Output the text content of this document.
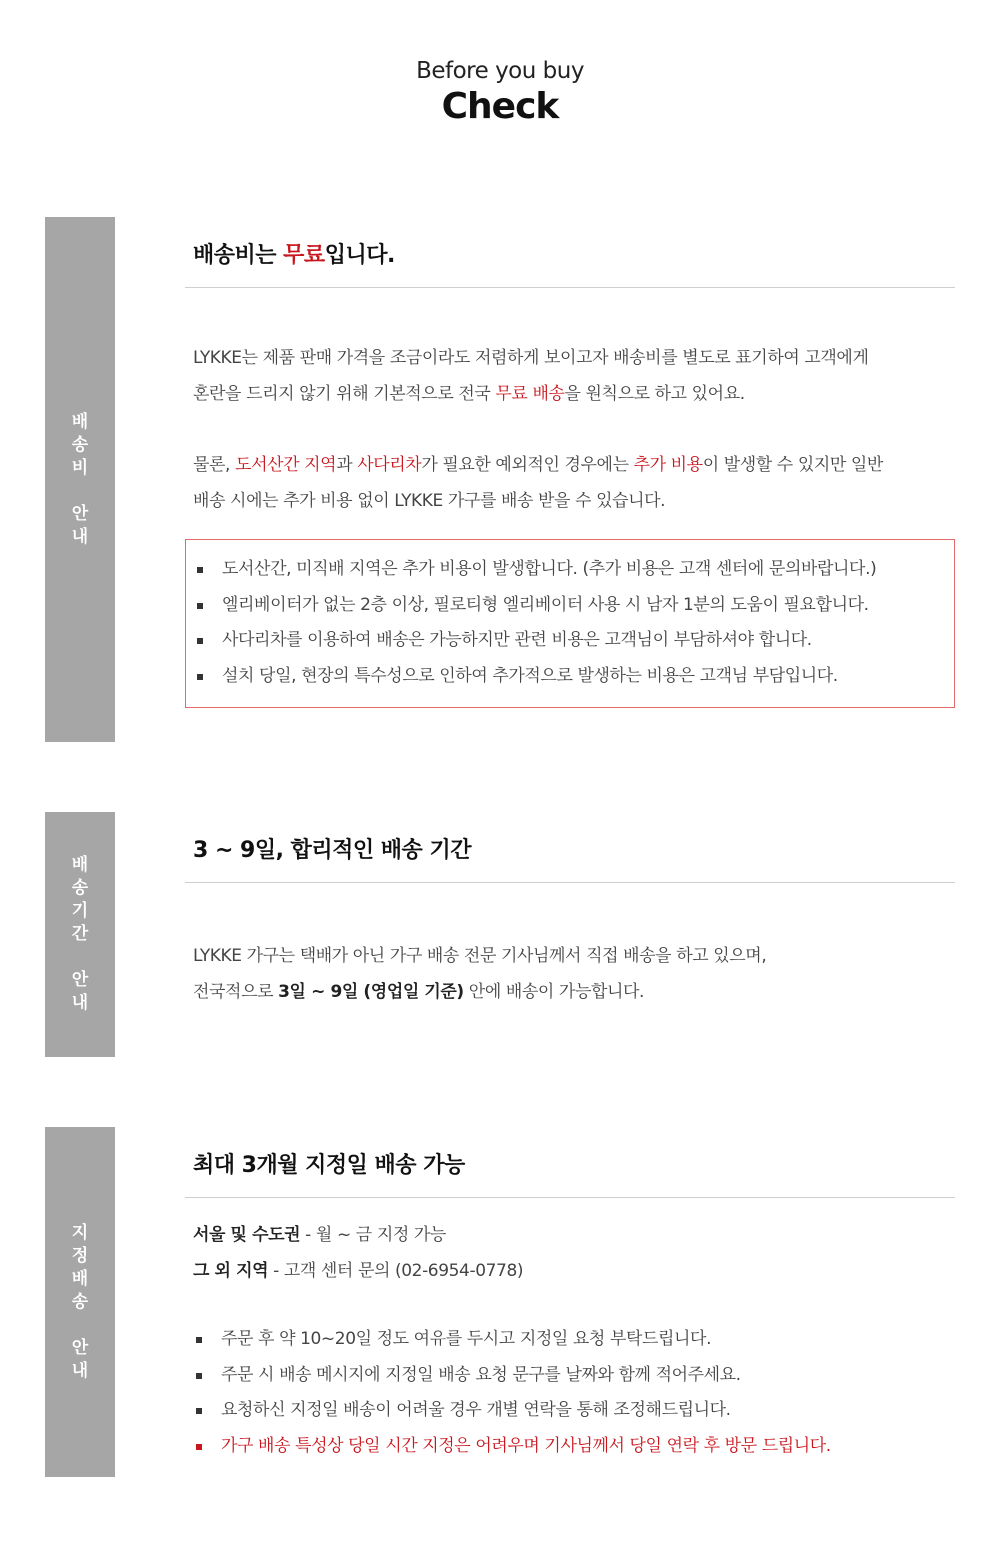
Before you buy
Check
배
송
비
안
내
배송비는 무료입니다.
LYKKE는 제품 판매 가격을 조금이라도 저렴하게 보이고자 배송비를 별도로 표기하여 고객에게
혼란을 드리지 않기 위해 기본적으로 전국 무료 배송을 원칙으로 하고 있어요.
물론, 도서산간 지역과 사다리차가 필요한 예외적인 경우에는 추가 비용이 발생할 수 있지만 일반
배송 시에는 추가 비용 없이 LYKKE 가구를 배송 받을 수 있습니다.
도서산간, 미직배 지역은 추가 비용이 발생합니다. (추가 비용은 고객 센터에 문의바랍니다.)
엘리베이터가 없는 2층 이상, 필로티형 엘리베이터 사용 시 남자 1분의 도움이 필요합니다.
사다리차를 이용하여 배송은 가능하지만 관련 비용은 고객님이 부담하셔야 합니다.
설치 당일, 현장의 특수성으로 인하여 추가적으로 발생하는 비용은 고객님 부담입니다.
배
송
기
간
안
내
3 ~ 9일, 합리적인 배송 기간
LYKKE 가구는 택배가 아닌 가구 배송 전문 기사님께서 직접 배송을 하고 있으며,
전국적으로 3일 ~ 9일 (영업일 기준) 안에 배송이 가능합니다.
지
정
배
송
안
내
최대 3개월 지정일 배송 가능
서울 및 수도권 - 월 ~ 금 지정 가능
그 외 지역 - 고객 센터 문의 (02-6954-0778)
주문 후 약 10~20일 정도 여유를 두시고 지정일 요청 부탁드립니다.
주문 시 배송 메시지에 지정일 배송 요청 문구를 날짜와 함께 적어주세요.
요청하신 지정일 배송이 어려울 경우 개별 연락을 통해 조정해드립니다.
가구 배송 특성상 당일 시간 지정은 어려우며 기사님께서 당일 연락 후 방문 드립니다.
